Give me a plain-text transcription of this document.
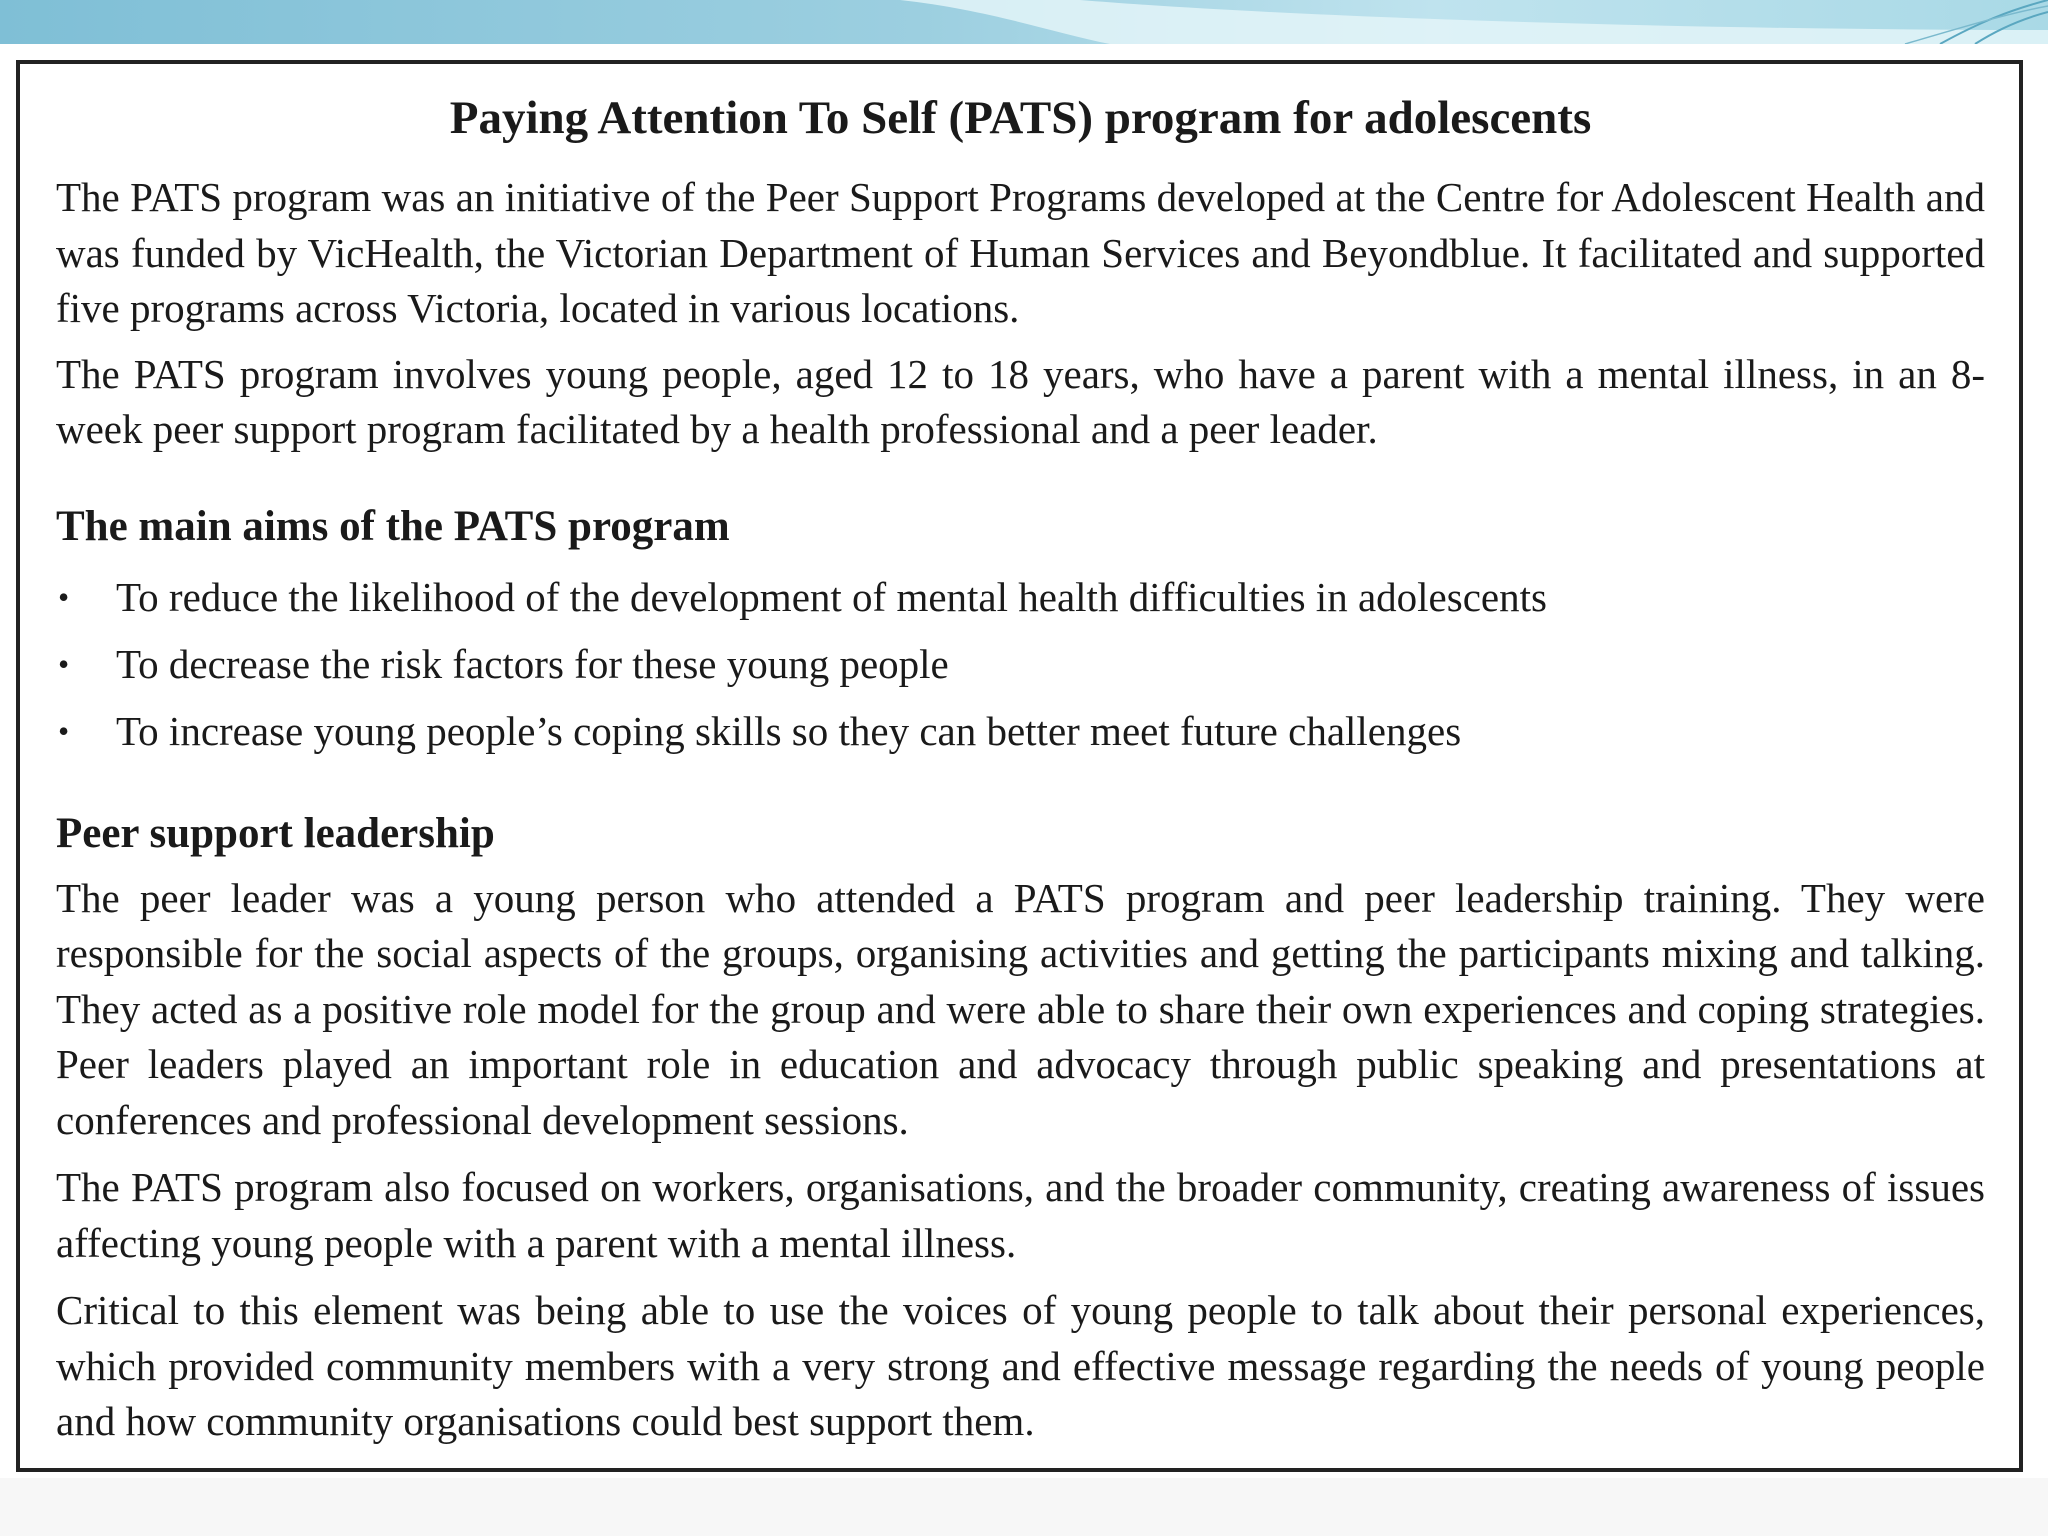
Paying Attention To Self (PATS) program for adolescents

The PATS program was an initiative of the Peer Support Programs developed at the Centre for Adolescent Health and was funded by VicHealth, the Victorian Department of Human Services and Beyondblue. It facilitated and supported five programs across Victoria, located in various locations.

The PATS program involves young people, aged 12 to 18 years, who have a parent with a mental illness, in an 8-week peer support program facilitated by a health professional and a peer leader.

The main aims of the PATS program
• To reduce the likelihood of the development of mental health difficulties in adolescents
• To decrease the risk factors for these young people
• To increase young people’s coping skills so they can better meet future challenges
Peer support leadership

The peer leader was a young person who attended a PATS program and peer leadership training. They were responsible for the social aspects of the groups, organising activities and getting the participants mixing and talking. They acted as a positive role model for the group and were able to share their own experiences and coping strategies. Peer leaders played an important role in education and advocacy through public speaking and presentations at conferences and professional development sessions.

The PATS program also focused on workers, organisations, and the broader community, creating awareness of issues affecting young people with a parent with a mental illness.

Critical to this element was being able to use the voices of young people to talk about their personal experiences, which provided community members with a very strong and effective message regarding the needs of young people and how community organisations could best support them.
